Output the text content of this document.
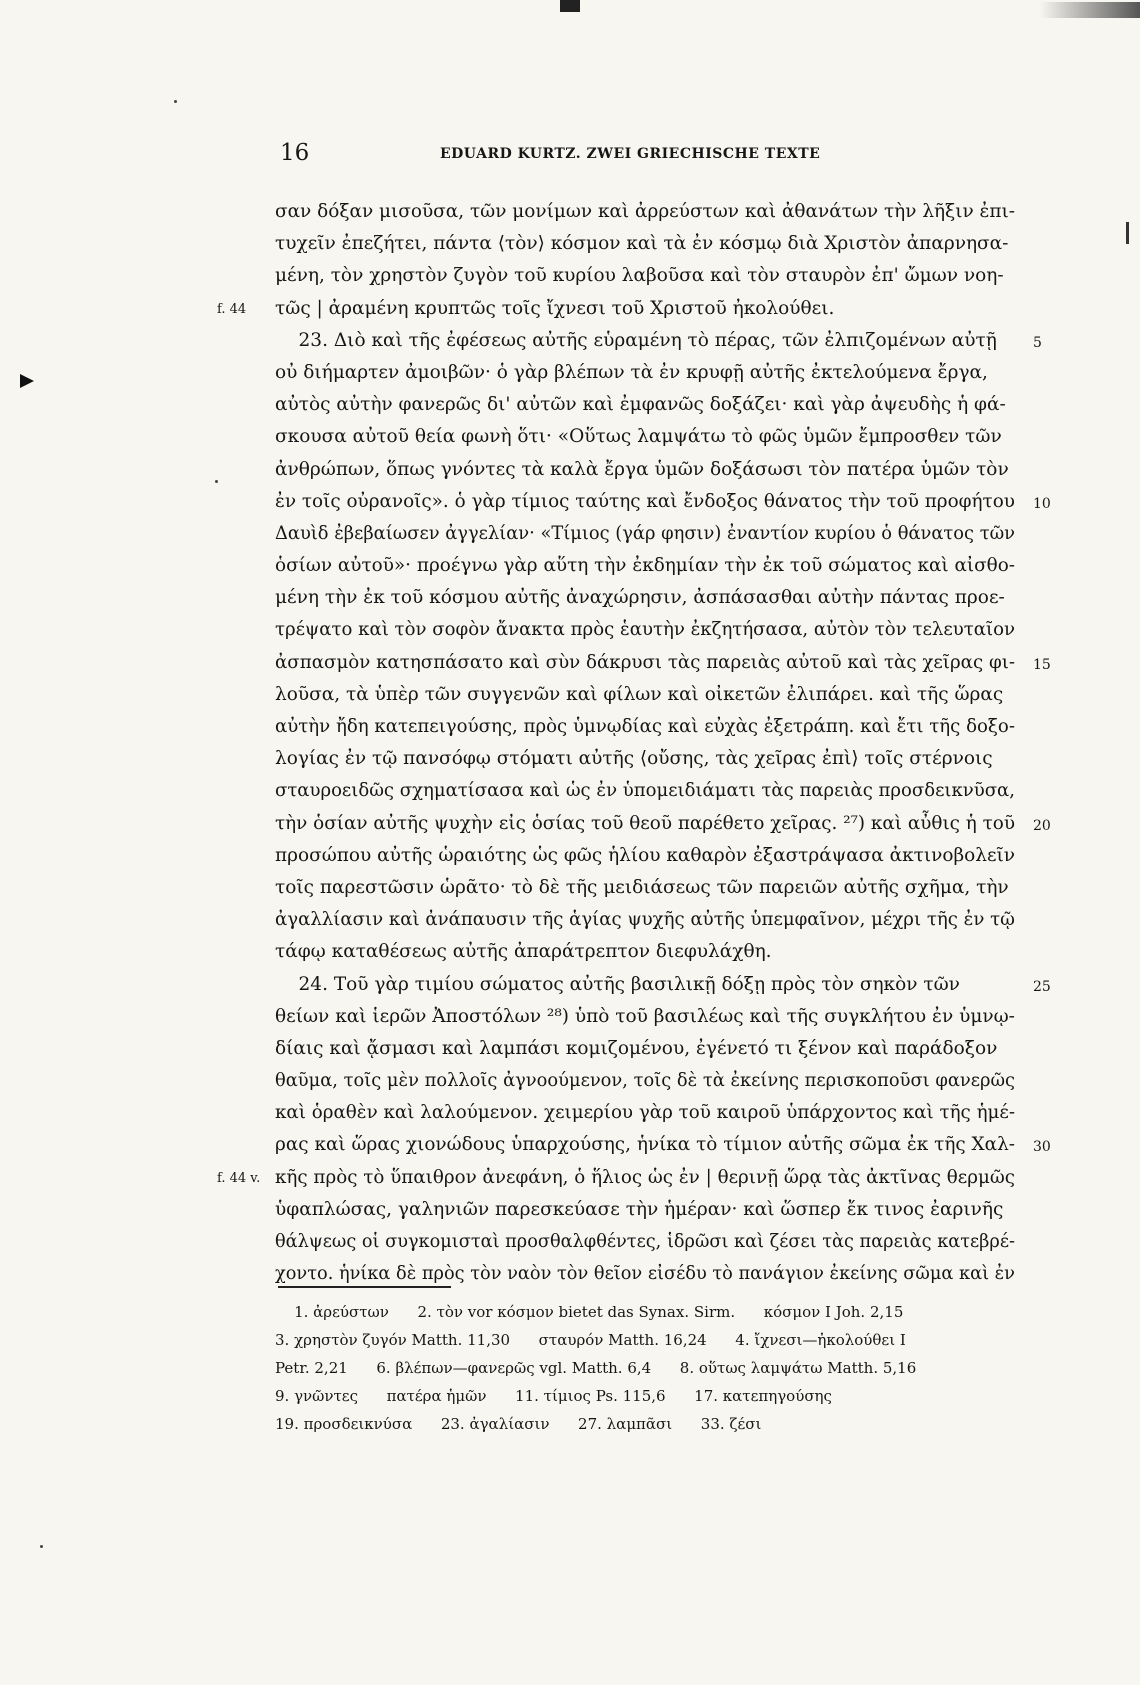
16	EDUARD KURTZ. ZWEI GRIECHISCHE TEXTE
σαν δόξαν μισοῦσα, τῶν μονίμων καὶ ἀρρεύστων καὶ ἀθανάτων τὴν λῆξιν ἐπι-
τυχεῖν ἐπεζήτει, πάντα ⟨τὸν⟩ κόσμον καὶ τὰ ἐν κόσμῳ διὰ Χριστὸν ἀπαρνησα-
μένη, τὸν χρηστὸν ζυγὸν τοῦ κυρίου λαβοῦσα καὶ τὸν σταυρὸν ἐπ' ὤμων νοη-
τῶς | ἀραμένη κρυπτῶς τοῖς ἴχνεσι τοῦ Χριστοῦ ἠκολούθει.
f. 44
23. Διὸ καὶ τῆς ἐφέσεως αὐτῆς εὑραμένη τὸ πέρας, τῶν ἐλπιζομένων αὐτῇ	5
οὐ διήμαρτεν ἀμοιβῶν· ὁ γὰρ βλέπων τὰ ἐν κρυφῇ αὐτῆς ἐκτελούμενα ἔργα,
αὐτὸς αὐτὴν φανερῶς δι' αὐτῶν καὶ ἐμφανῶς δοξάζει· καὶ γὰρ ἀψευδὴς ἡ φά-
σκουσα αὐτοῦ θεία φωνὴ ὅτι· «Οὕτως λαμψάτω τὸ φῶς ὑμῶν ἔμπροσθεν τῶν
ἀνθρώπων, ὅπως γνόντες τὰ καλὰ ἔργα ὑμῶν δοξάσωσι τὸν πατέρα ὑμῶν τὸν
ἐν τοῖς οὐρανοῖς». ὁ γὰρ τίμιος ταύτης καὶ ἔνδοξος θάνατος τὴν τοῦ προφήτου 10
Δαυὶδ ἐβεβαίωσεν ἀγγελίαν· «Τίμιος (γάρ φησιν) ἐναντίον κυρίου ὁ θάνατος τῶν
ὁσίων αὐτοῦ»· προέγνω γὰρ αὕτη τὴν ἐκδημίαν τὴν ἐκ τοῦ σώματος καὶ αἰσθο-
μένη τὴν ἐκ τοῦ κόσμου αὐτῆς ἀναχώρησιν, ἀσπάσασθαι αὐτὴν πάντας προε-
τρέψατο καὶ τὸν σοφὸν ἄνακτα πρὸς ἑαυτὴν ἐκζητήσασα, αὐτὸν τὸν τελευταῖον
ἀσπασμὸν κατησπάσατο καὶ σὺν δάκρυσι τὰς παρειὰς αὐτοῦ καὶ τὰς χεῖρας φι- 15
λοῦσα, τὰ ὑπὲρ τῶν συγγενῶν καὶ φίλων καὶ οἰκετῶν ἐλιπάρει. καὶ τῆς ὥρας
αὐτὴν ἤδη κατεπειγούσης, πρὸς ὑμνῳδίας καὶ εὐχὰς ἐξετράπη. καὶ ἔτι τῆς δοξο-
λογίας ἐν τῷ πανσόφῳ στόματι αὐτῆς ⟨οὔσης, τὰς χεῖρας ἐπὶ⟩ τοῖς στέρνοις
σταυροειδῶς σχηματίσασα καὶ ὡς ἐν ὑπομειδιάματι τὰς παρειὰς προσδεικνῦσα,
τὴν ὁσίαν αὐτῆς ψυχὴν εἰς ὁσίας τοῦ θεοῦ παρέθετο χεῖρας. ²⁷) καὶ αὖθις ἡ τοῦ 20
προσώπου αὐτῆς ὡραιότης ὡς φῶς ἡλίου καθαρὸν ἐξαστράψασα ἀκτινοβολεῖν
τοῖς παρεστῶσιν ὡρᾶτο· τὸ δὲ τῆς μειδιάσεως τῶν παρειῶν αὐτῆς σχῆμα, τὴν
ἀγαλλίασιν καὶ ἀνάπαυσιν τῆς ἁγίας ψυχῆς αὐτῆς ὑπεμφαῖνον, μέχρι τῆς ἐν τῷ
τάφῳ καταθέσεως αὐτῆς ἀπαράτρεπτον διεφυλάχθη.
24. Τοῦ γὰρ τιμίου σώματος αὐτῆς βασιλικῇ δόξῃ πρὸς τὸν σηκὸν τῶν	25
θείων καὶ ἱερῶν Ἀποστόλων ²⁸) ὑπὸ τοῦ βασιλέως καὶ τῆς συγκλήτου ἐν ὑμνῳ-
δίαις καὶ ᾄσμασι καὶ λαμπάσι κομιζομένου, ἐγένετό τι ξένον καὶ παράδοξον
θαῦμα, τοῖς μὲν πολλοῖς ἀγνοούμενον, τοῖς δὲ τὰ ἐκείνης περισκοποῦσι φανερῶς
καὶ ὁραθὲν καὶ λαλούμενον. χειμερίου γὰρ τοῦ καιροῦ ὑπάρχοντος καὶ τῆς ἡμέ-
ρας καὶ ὥρας χιονώδους ὑπαρχούσης, ἡνίκα τὸ τίμιον αὐτῆς σῶμα ἐκ τῆς Χαλ- 30
κῆς πρὸς τὸ ὕπαιθρον ἀνεφάνη, ὁ ἥλιος ὡς ἐν | θερινῇ ὥρᾳ τὰς ἀκτῖνας θερμῶς
f. 44 v.
ὑφαπλώσας, γαληνιῶν παρεσκεύασε τὴν ἡμέραν· καὶ ὥσπερ ἔκ τινος ἐαρινῆς
θάλψεως οἱ συγκομισταὶ προσθαλφθέντες, ἱδρῶσι καὶ ζέσει τὰς παρειὰς κατεβρέ-
χοντο. ἡνίκα δὲ πρὸς τὸν ναὸν τὸν θεῖον εἰσέδυ τὸ πανάγιον ἐκείνης σῶμα καὶ ἐν
1. ἀρεύστων      2. τὸν vor κόσμον bietet das Synax. Sirm.      κόσμον I Joh. 2,15
3. χρηστὸν ζυγόν Matth. 11,30      σταυρόν Matth. 16,24      4. ἴχνεσι—ἠκολούθει I
Petr. 2,21      6. βλέπων—φανερῶς vgl. Matth. 6,4      8. οὕτως λαμψάτω Matth. 5,16
9. γνῶντες      πατέρα ἡμῶν      11. τίμιος Ps. 115,6      17. κατεπηγούσης
19. προσδεικνύσα      23. ἀγαλίασιν      27. λαμπᾶσι      33. ζέσι
